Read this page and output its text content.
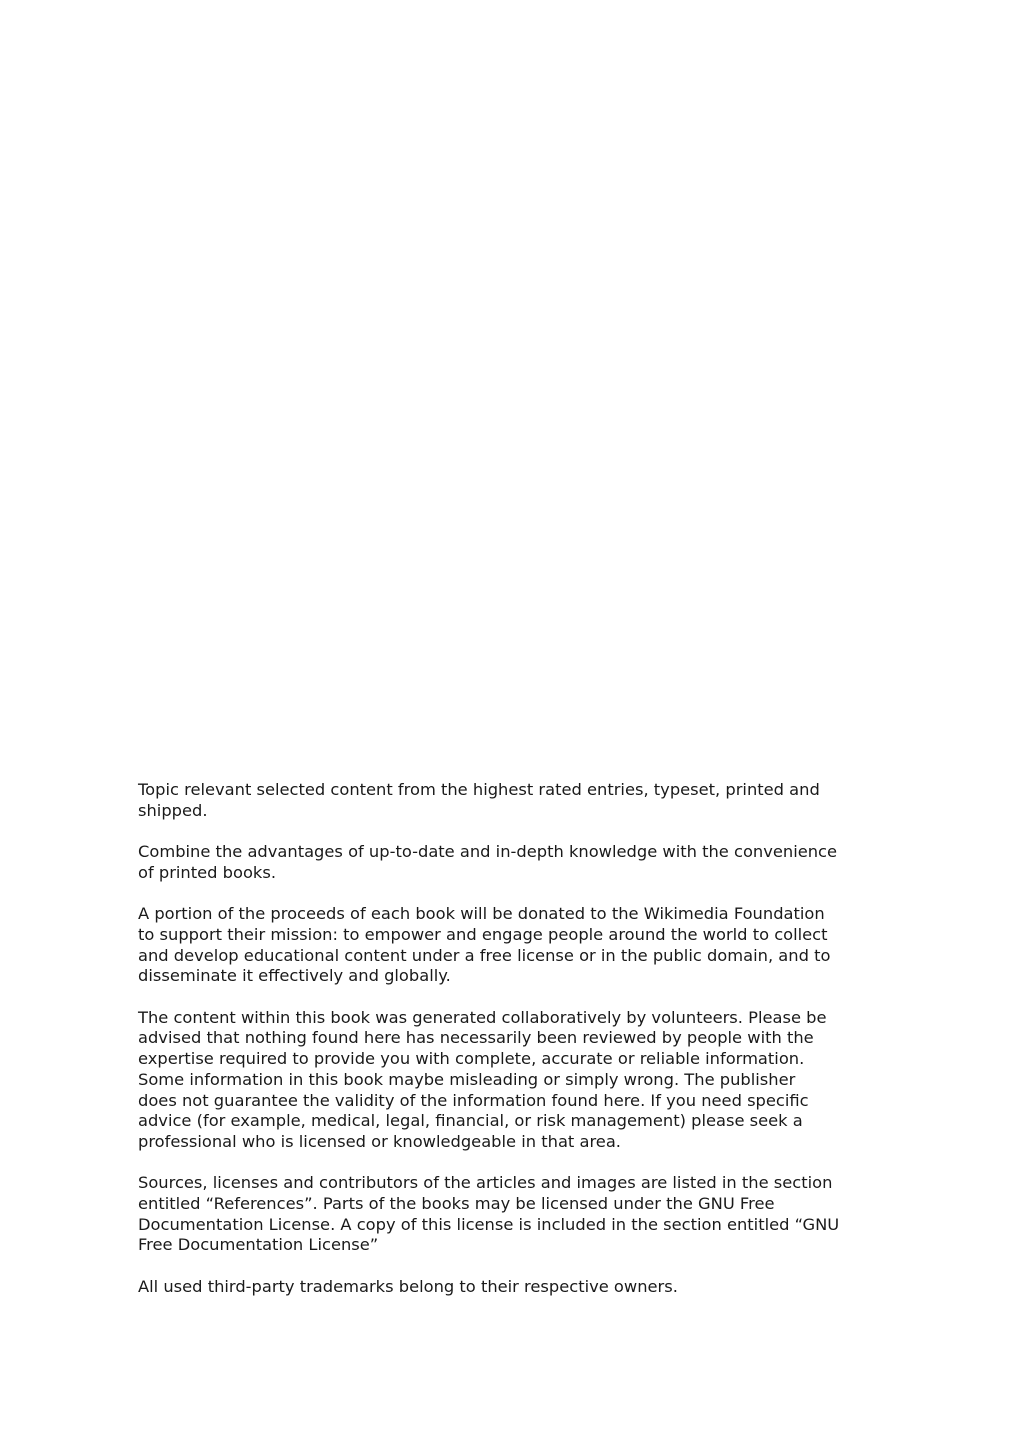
Topic relevant selected content from the highest rated entries, typeset, printed and
shipped.

Combine the advantages of up-to-date and in-depth knowledge with the convenience
of printed books.

A portion of the proceeds of each book will be donated to the Wikimedia Foundation
to support their mission: to empower and engage people around the world to collect
and develop educational content under a free license or in the public domain, and to
disseminate it effectively and globally.

The content within this book was generated collaboratively by volunteers. Please be
advised that nothing found here has necessarily been reviewed by people with the
expertise required to provide you with complete, accurate or reliable information.
Some information in this book maybe misleading or simply wrong. The publisher
does not guarantee the validity of the information found here. If you need specific
advice (for example, medical, legal, financial, or risk management) please seek a
professional who is licensed or knowledgeable in that area.

Sources, licenses and contributors of the articles and images are listed in the section
entitled “References”. Parts of the books may be licensed under the GNU Free
Documentation License. A copy of this license is included in the section entitled “GNU
Free Documentation License”

All used third-party trademarks belong to their respective owners.
